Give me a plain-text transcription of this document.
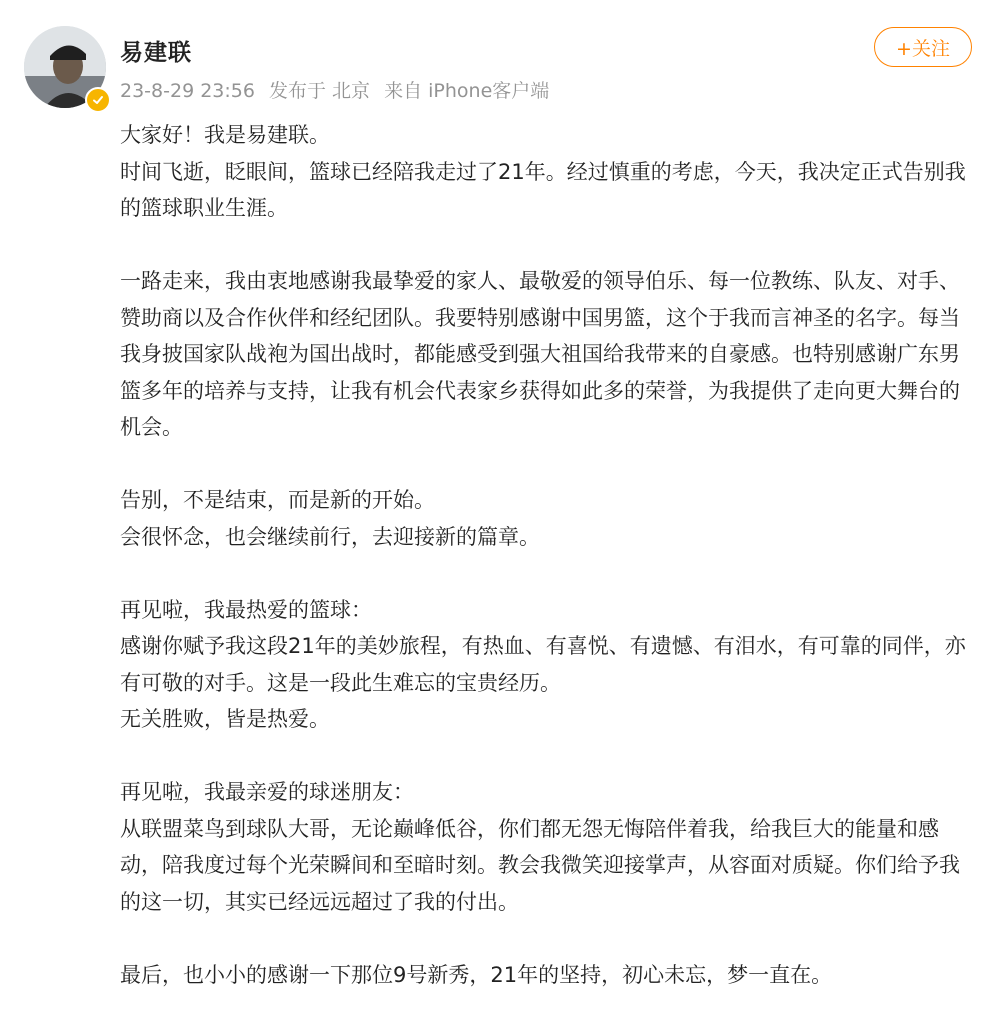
易建联
23-8-29 23:56 发布于 北京 来自 iPhone客户端
+关注

大家好！我是易建联。
时间飞逝，眨眼间，篮球已经陪我走过了21年。经过慎重的考虑，今天，我决定正式告别我的篮球职业生涯。

一路走来，我由衷地感谢我最挚爱的家人、最敬爱的领导伯乐、每一位教练、队友、对手、赞助商以及合作伙伴和经纪团队。我要特别感谢中国男篮，这个于我而言神圣的名字。每当我身披国家队战袍为国出战时，都能感受到强大祖国给我带来的自豪感。也特别感谢广东男篮多年的培养与支持，让我有机会代表家乡获得如此多的荣誉，为我提供了走向更大舞台的机会。

告别，不是结束，而是新的开始。
会很怀念，也会继续前行，去迎接新的篇章。

再见啦，我最热爱的篮球：
感谢你赋予我这段21年的美妙旅程，有热血、有喜悦、有遗憾、有泪水，有可靠的同伴，亦有可敬的对手。这是一段此生难忘的宝贵经历。
无关胜败，皆是热爱。

再见啦，我最亲爱的球迷朋友：
从联盟菜鸟到球队大哥，无论巅峰低谷，你们都无怨无悔陪伴着我，给我巨大的能量和感动，陪我度过每个光荣瞬间和至暗时刻。教会我微笑迎接掌声，从容面对质疑。你们给予我的这一切，其实已经远远超过了我的付出。

最后，也小小的感谢一下那位9号新秀，21年的坚持，初心未忘，梦一直在。
